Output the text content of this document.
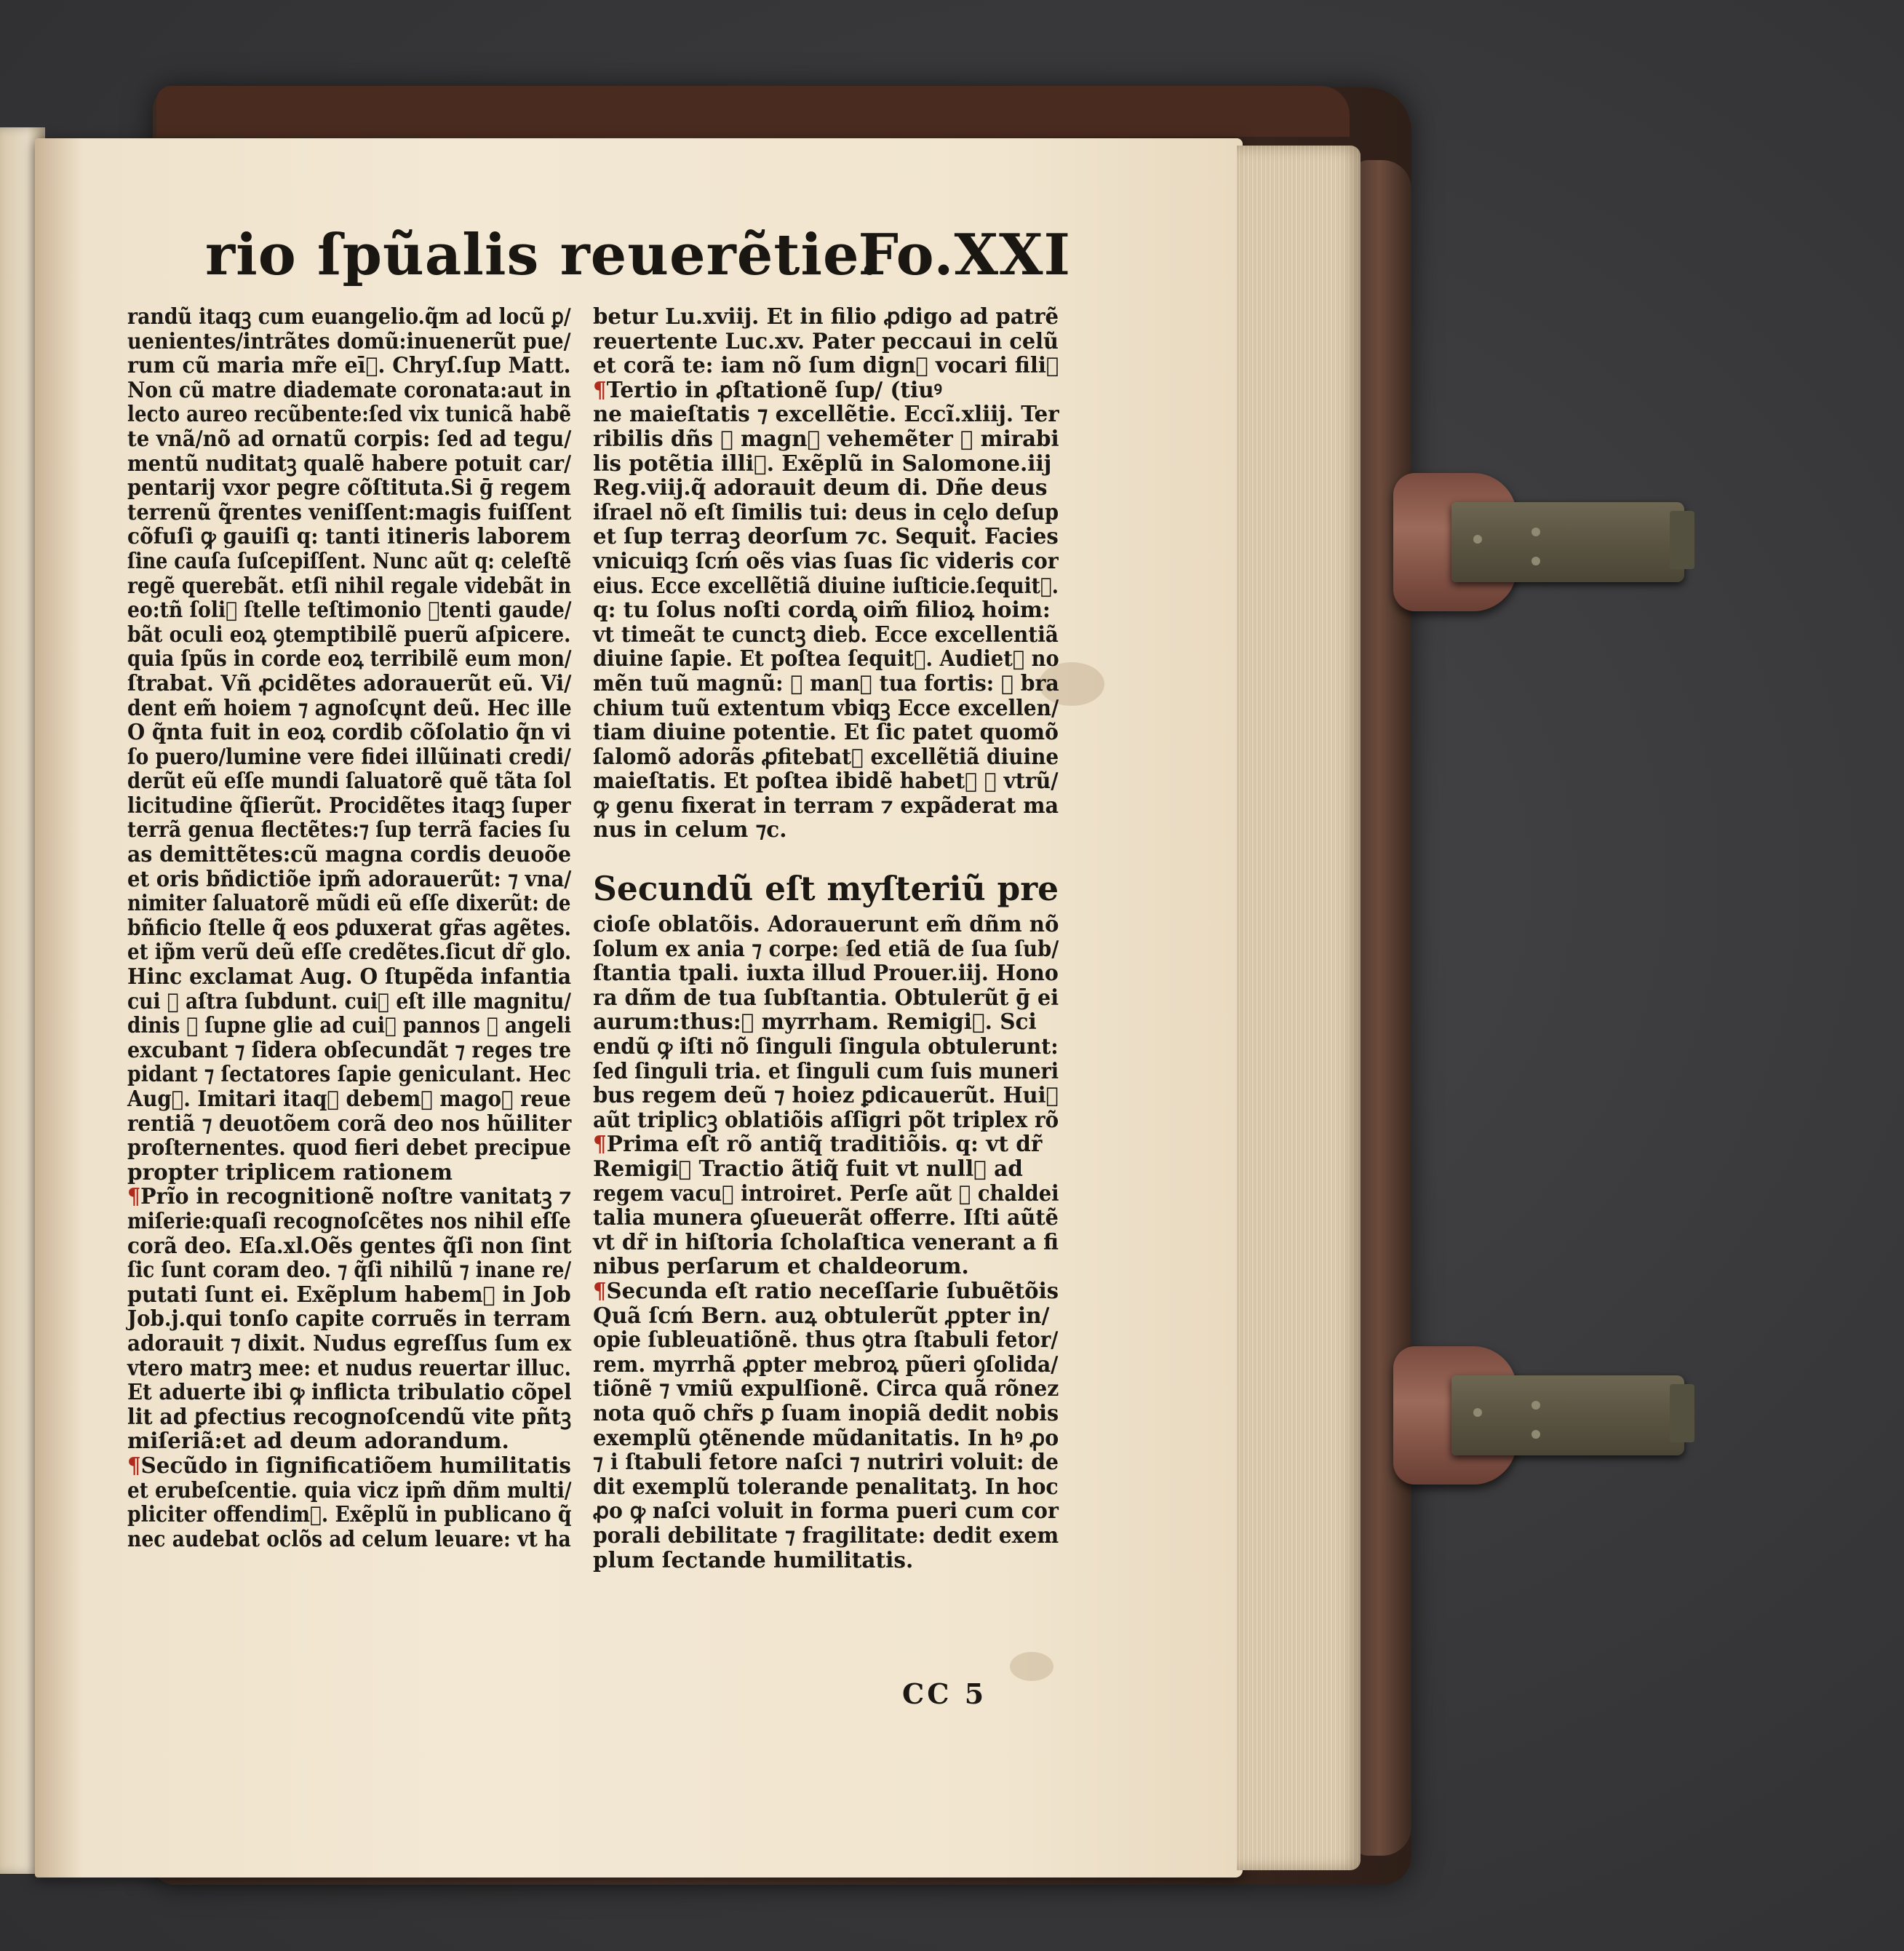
rio ſpũalis reuerẽtie.
Fo.XXI
randũ itaqꝫ cum euangelio.q̃m ad locũ ꝑ/
uenientes/intrãtes domũ:inuenerũt pue/
rum cũ maria mr̃e eī᷒. Chryſ.ſup Matt.
Non cũ matre diademate coronata:aut in
lecto aureo recũbente:ſed vix tunicã habẽ
te vnã/nõ ad ornatũ corpis: ſed ad tegu/
mentũ nuditatꝫ qualẽ habere potuit car/
pentarij vxor pegre cõſtituta.Si ḡ regem
terrenũ q̃rentes veniſſent:magis fuiſſent
cõfuſi ꝙ gauiſi q: tanti itineris laborem
ſine cauſa ſuſcepiſſent. Nunc aũt q: celeſtẽ
regẽ querebãt. etſi nihil regale videbãt in
eo:tñ ſoli᷒ ſtelle teſtimonio ꝯtenti gaude/
bãt oculi eoꝝ ꝯtemptibilẽ puerũ aſpicere.
quia ſpũs in corde eoꝝ terribilẽ eum mon/
ſtrabat. Vñ ꝓcidẽtes adorauerũt eũ. Vi/
dent em̃ hoiem ⁊ agnoſcunt deũ. Hec ille
O q̃nta fuit in eoꝝ cordib᷒ cõſolatio q̃n vi
ſo puero/lumine vere fidei illũinati credi/
derũt eũ eſſe mundi ſaluatorẽ quẽ tãta ſol
licitudine q̃ſierũt. Procidẽtes itaqꝫ ſuper
terrã genua flectẽtes:⁊ ſup terrã facies ſu
as demittẽtes:cũ magna cordis deuoõe
et oris bñdictiõe ipm̃ adorauerũt: ⁊ vna/
nimiter ſaluatorẽ mũdi eũ eſſe dixerũt: de
bñficio ſtelle q̃ eos ꝑduxerat gr̃as agẽtes.
et ip̃m verũ deũ eſſe credẽtes.ſicut dr̃ glo.
Hinc exclamat Aug. O ſtupẽda infantia
cui ⁊ aſtra ſubdunt. cui᷒ eſt ille magnitu/
dinis ⁊ ſupne glie ad cui᷒ pannos ⁊ angeli
excubant ⁊ ſidera obſecundãt ⁊ reges tre
pidant ⁊ ſectatores ſapie geniculant. Hec
Aug᷒. Imitari itaqꝫ debem᷒ magoꝝ reue
rentiã ⁊ deuotõem corã deo nos hũiliter
proſternentes. quod fieri debet precipue
propter triplicem rationem
¶Prĩo in recognitionẽ noſtre vanitatꝫ ⁊
miſerie:quaſi recognoſcẽtes nos nihil eſſe
corã deo. Eſa.xl.Oẽs gentes q̃ſi non ſint
ſic ſunt coram deo. ⁊ q̃ſi nihilũ ⁊ inane re/
putati ſunt ei. Exẽplum habem᷒ in Job
Job.j.qui tonſo capite corruẽs in terram
adorauit ⁊ dixit. Nudus egreſſus ſum ex
vtero matrꝫ mee: et nudus reuertar illuc.
Et aduerte ibi ꝙ inflicta tribulatio cõpel
lit ad ꝑfectius recognoſcendũ vite pñtꝫ
miſeriã:et ad deum adorandum.
¶Secũdo in ſignificatiõem humilitatis
et erubeſcentie. quia vicz ipm̃ dñm multi/
pliciter offendim᷒. Exẽplũ in publicano q̃
nec audebat oclõs ad celum leuare: vt ha
betur Lu.xviij. Et in filio ꝓdigo ad patrẽ
reuertente Luc.xv. Pater peccaui in celũ
et corã te: iam nõ ſum dign᷒ vocari fili᷒
¶Tertio in ꝓſtationẽ ſup/ (tiuꝰ
ne maieſtatis ⁊ excellẽtie. Eccĩ.xliij. Ter
ribilis dñs ⁊ magn᷒ vehemẽter ⁊ mirabi
lis potẽtia illi᷒. Exẽplũ in Salomone.iij
Reg.viij.q̃ adorauit deum di. Dñe deus
iſrael nõ eſt ſimilis tui: deus in celo deſup
et ſup terraꝫ deorſum ⁊c. Sequit᷒. Facies
vnicuiqꝫ ſcḿ oẽs vias ſuas ſic videris cor
eius. Ecce excellẽtiã diuine iuſticie.ſequit᷒.
q: tu ſolus noſti corda oim̃ filioꝝ hoim:
vt timeãt te cunctꝫ dieb᷒. Ecce excellentiã
diuine ſapie. Et poſtea ſequit᷒. Audiet᷒ no
mẽn tuũ magnũ: ⁊ man᷒ tua fortis: ⁊ bra
chium tuũ extentum vbiqꝫ Ecce excellen/
tiam diuine potentie. Et ſic patet quomõ
ſalomõ adorãs ꝓfitebat᷒ excellẽtiã diuine
maieſtatis. Et poſtea ibidẽ habet᷒ ꝙ vtrũ/
ꝙ genu fixerat in terram ⁊ expãderat ma
nus in celum ⁊c.
Secundũ eſt myſteriũ pre
cioſe oblatõis. Adorauerunt em̃ dñm nõ
ſolum ex ania ⁊ corpe: ſed etiã de ſua ſub/
ſtantia tpali. iuxta illud Prouer.iij. Hono
ra dñm de tua ſubſtantia. Obtulerũt ḡ ei
aurum:thus:⁊ myrrham. Remigi᷒. Sci
endũ ꝙ iſti nõ ſinguli ſingula obtulerunt:
ſed ſinguli tria. et ſinguli cum ſuis muneri
bus regem deũ ⁊ hoiez ꝑdicauerũt. Hui᷒
aũt triplicꝫ oblatiõis aſſigri põt triplex rõ
¶Prima eſt rõ antiq̃ traditiõis. q: vt dr̃
Remigi᷒ Tractio ãtiq̃ fuit vt null᷒ ad
regem vacu᷒ introiret. Perſe aũt ⁊ chaldei
talia munera ꝯſueuerãt offerre. Iſti aũtẽ
vt dr̃ in hiſtoria ſcholaſtica venerant a fi
nibus perſarum et chaldeorum.
¶Secunda eſt ratio neceſſarie ſubuẽtõis
Quã ſcḿ Bern. auꝝ obtulerũt ꝓpter in/
opie ſubleuatiõnẽ. thus ꝯtra ſtabuli fetor/
rem. myrrhã ꝓpter mebroꝝ pũeri ꝯſolida/
tiõnẽ ⁊ vmiũ expulſionẽ. Circa quã rõnez
nota quõ chr̃s ꝑ ſuam inopiã dedit nobis
exemplũ ꝯtẽnende mũdanitatis. In hꝰ ꝓo
⁊ i ſtabuli fetore naſci ⁊ nutriri voluit: de
dit exemplũ tolerande penalitatꝫ. In hoc
ꝓo ꝙ naſci voluit in forma pueri cum cor
porali debilitate ⁊ fragilitate: dedit exem
plum ſectande humilitatis.
CC 5
